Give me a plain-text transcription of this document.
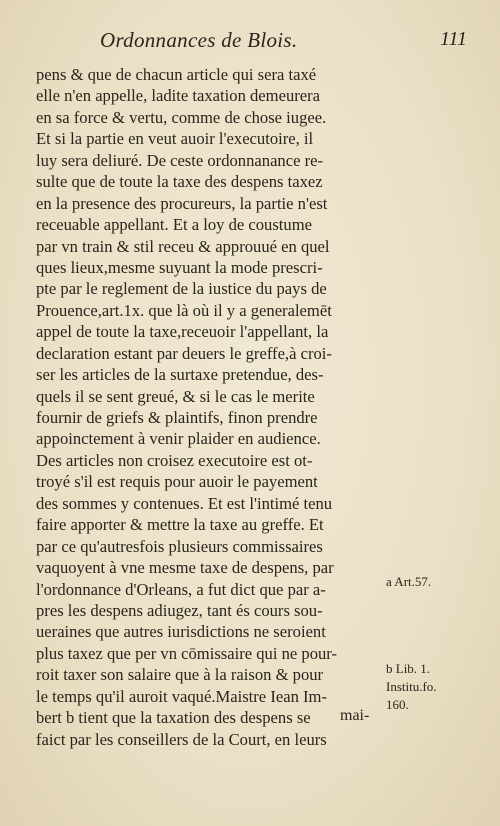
Ordonnances de Blois.	111
pens & que de chacun article qui sera taxé
elle n'en appelle, ladite taxation demeurera
en sa force & vertu, comme de chose iugee.
Et si la partie en veut auoir l'executoire, il
luy sera deliuré. De ceste ordonnanance re-
sulte que de toute la taxe des despens taxez
en la presence des procureurs, la partie n'est
receuable appellant. Et a loy de coustume
par vn train & stil receu & approuué en quel
ques lieux,mesme suyuant la mode prescri-
pte par le reglement de la iustice du pays de
Prouence,art.1x. que là où il y a generalemēt
appel de toute la taxe,receuoir l'appellant, la
declaration estant par deuers le greffe,à croi-
ser les articles de la surtaxe pretendue, des-
quels il se sent greué, & si le cas le merite
fournir de griefs & plaintifs, finon prendre
appoinctement à venir plaider en audience.
Des articles non croisez executoire est ot-
troyé s'il est requis pour auoir le payement
des sommes y contenues. Et est l'intimé tenu
faire apporter & mettre la taxe au greffe. Et
par ce qu'autresfois plusieurs commissaires
vaquoyent à vne mesme taxe de despens, par
l'ordonnance d'Orleans, a fut dict que par a-
pres les despens adiugez, tant és cours sou-
ueraines que autres iurisdictions ne seroient
plus taxez que per vn cōmissaire qui ne pour-
roit taxer son salaire que à la raison & pour
le temps qu'il auroit vaqué.Maistre Iean Im-
bert b tient que la taxation des despens se
faict par les conseillers de la Court, en leurs
mai-
a Art.57.
b Lib. 1.
Institu.fo.
160.
